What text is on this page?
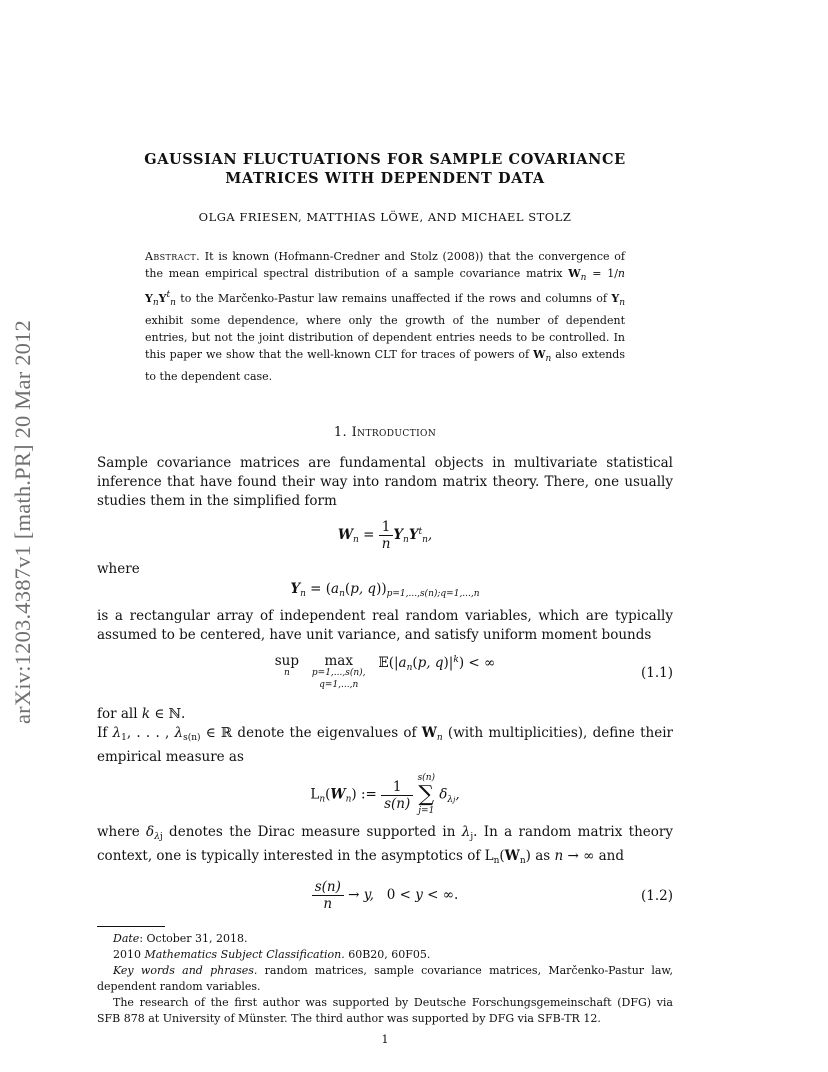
arXiv:1203.4387v1 [math.PR] 20 Mar 2012
GAUSSIAN FLUCTUATIONS FOR SAMPLE COVARIANCE
MATRICES WITH DEPENDENT DATA
OLGA FRIESEN, MATTHIAS LÖWE, AND MICHAEL STOLZ
Abstract. It is known (Hofmann-Credner and Stolz (2008)) that the convergence of the mean empirical spectral distribution of a sample covariance matrix $W_n = 1/n$ $Y_nY^t_n$ to the Marčenko-Pastur law remains unaffected if the rows and columns of $Y_n$ exhibit some dependence, where only the growth of the number of dependent entries, but not the joint distribution of dependent entries needs to be controlled. In this paper we show that the well-known CLT for traces of powers of $W_n$ also extends to the dependent case.
1. Introduction

Sample covariance matrices are fundamental objects in multivariate statistical inference that have found their way into random matrix theory. There, one usually studies them in the simplified form

$W_n = \frac{1}{n} Y_nY^t_n$,

where

$Y_n = (a_n(p$, $q))_{p=1,...,s(n);q=1,...,n}$

is a rectangular array of independent real random variables, which are typically assumed to be centered, have unit variance, and satisfy uniform moment bounds

sup
n

max
p=1,...,s(n),
q=1,...,n
$𝔼(|a_n(p$, $q)|^k$) < ∞
(1.1)

for all k ∈ ℕ.

If $\lambda_1$, . . . , $\lambda_{s(n)}$ ∈ ℝ denote the eigenvalues of $W_n$ (with multiplicities), define their empirical measure as

$L_n(W_n)$ := $\frac{1}{s(n)}$

s(n)
∑
j=1
$\delta_{\lambda j}$,

where $\delta_{\lambda j}$ denotes the Dirac measure supported in $\lambda_j$. In a random matrix theory context, one is typically interested in the asymptotics of $L_n(W_n)$ as n → ∞ and

$\frac{s(n)}{n} \to y$,   0 < y < ∞.	(1.2)

Date: October 31, 2018.

2010 Mathematics Subject Classification. 60B20, 60F05.

Key words and phrases. random matrices, sample covariance matrices, Marčenko-Pastur law, dependent random variables.

The research of the first author was supported by Deutsche Forschungsgemeinschaft (DFG) via SFB 878 at University of Münster. The third author was supported by DFG via SFB-TR 12.

1
